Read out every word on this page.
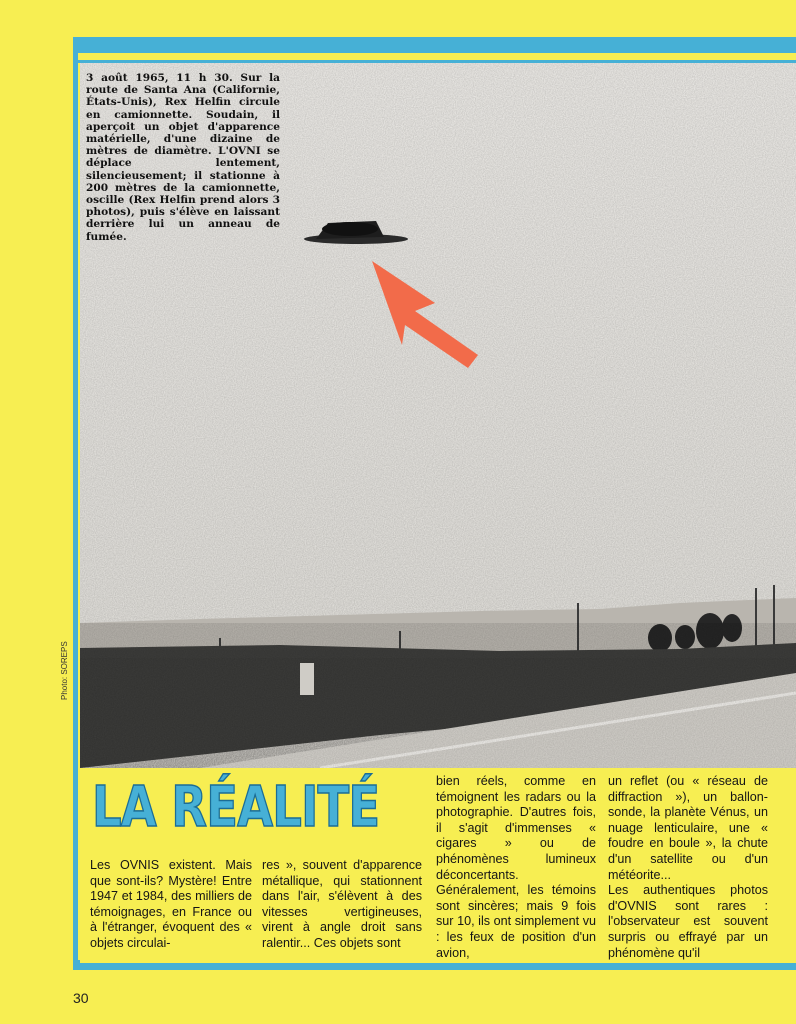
3 août 1965, 11 h 30. Sur la route de Santa Ana (Californie, États-Unis), Rex Helfin circule en camionnette. Soudain, il aperçoit un objet d'apparence matérielle, d'une dizaine de mètres de diamètre. L'OVNI se déplace lentement, silencieusement; il stationne à 200 mètres de la camionnette, oscille (Rex Helfin prend alors 3 photos), puis s'élève en laissant derrière lui un anneau de fumée.
Photo: SOREPS
LA RÉALITÉ

Les OVNIS existent. Mais que sont-ils? Mystère! Entre 1947 et 1984, des milliers de témoignages, en France ou à l'étranger, évoquent des « objets circulai-

res », souvent d'apparence métallique, qui stationnent dans l'air, s'élèvent à des vitesses vertigineuses, virent à angle droit sans ralentir... Ces objets sont

bien réels, comme en témoignent les radars ou la photographie. D'autres fois, il s'agit d'immenses « cigares » ou de phénomènes lumineux déconcertants.

Généralement, les témoins sont sincères; mais 9 fois sur 10, ils ont simplement vu : les feux de position d'un avion,

un reflet (ou « réseau de diffraction »), un ballon-sonde, la planète Vénus, un nuage lenticulaire, une « foudre en boule », la chute d'un satellite ou d'un météorite...

Les authentiques photos d'OVNIS sont rares : l'observateur est souvent surpris ou effrayé par un phénomène qu'il

30
